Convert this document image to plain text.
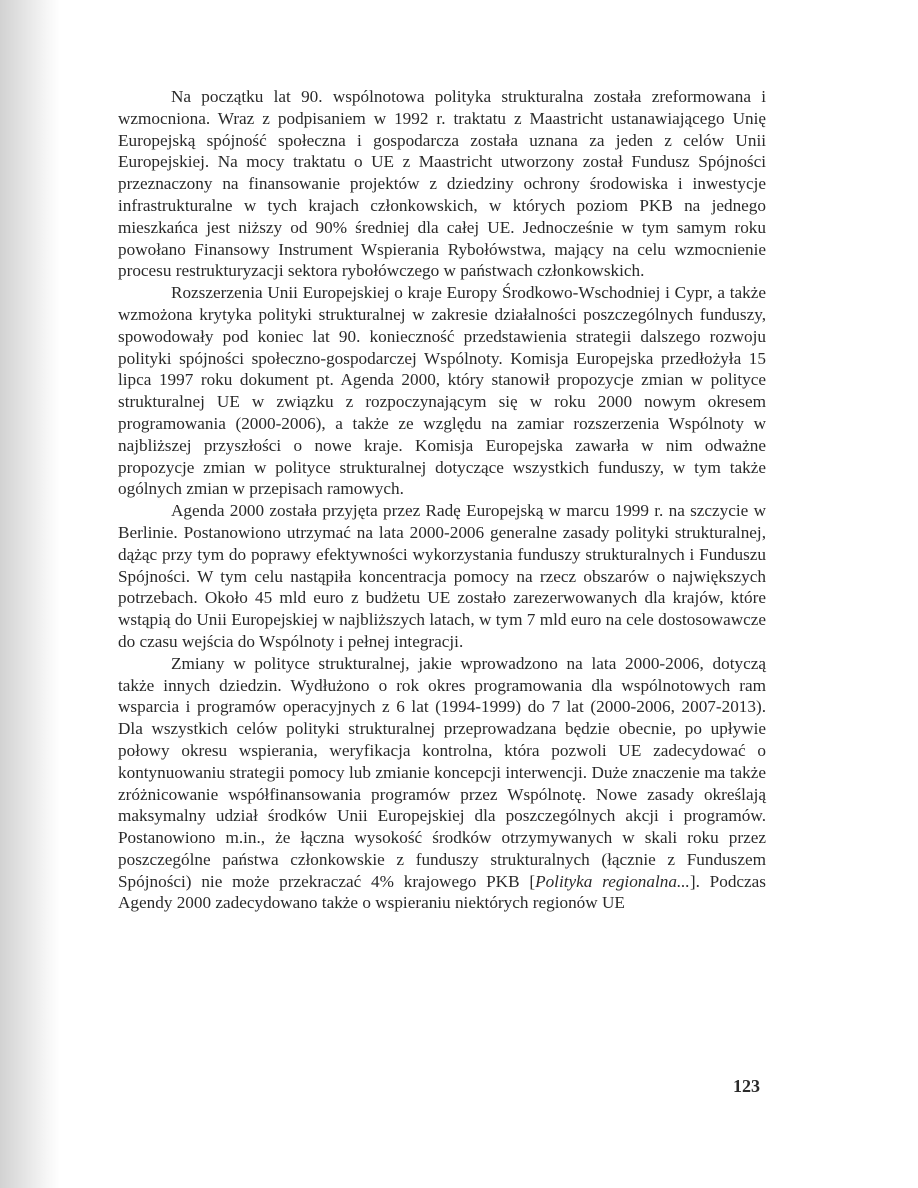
Na początku lat 90. wspólnotowa polityka strukturalna została zreformowana i wzmocniona. Wraz z podpisaniem w 1992 r. traktatu z Maastricht ustanawiającego Unię Europejską spójność społeczna i gospodarcza została uznana za jeden z celów Unii Europejskiej. Na mocy traktatu o UE z Maastricht utworzony został Fundusz Spójności przeznaczony na finansowanie projektów z dziedziny ochrony środowiska i inwestycje infrastrukturalne w tych krajach członkowskich, w których poziom PKB na jednego mieszkańca jest niższy od 90% średniej dla całej UE. Jednocześnie w tym samym roku powołano Finansowy Instrument Wspierania Rybołówstwa, mający na celu wzmocnienie procesu restrukturyzacji sektora rybołówczego w państwach członkowskich.

Rozszerzenia Unii Europejskiej o kraje Europy Środkowo-Wschodniej i Cypr, a także wzmożona krytyka polityki strukturalnej w zakresie działalności poszczególnych funduszy, spowodowały pod koniec lat 90. konieczność przedstawienia strategii dalszego rozwoju polityki spójności społeczno-gospodarczej Wspólnoty. Komisja Europejska przedłożyła 15 lipca 1997 roku dokument pt. Agenda 2000, który stanowił propozycje zmian w polityce strukturalnej UE w związku z rozpoczynającym się w roku 2000 nowym okresem programowania (2000-2006), a także ze względu na zamiar rozszerzenia Wspólnoty w najbliższej przyszłości o nowe kraje. Komisja Europejska zawarła w nim odważne propozycje zmian w polityce strukturalnej dotyczące wszystkich funduszy, w tym także ogólnych zmian w przepisach ramowych.

Agenda 2000 została przyjęta przez Radę Europejską w marcu 1999 r. na szczycie w Berlinie. Postanowiono utrzymać na lata 2000-2006 generalne zasady polityki strukturalnej, dążąc przy tym do poprawy efektywności wykorzystania funduszy strukturalnych i Funduszu Spójności. W tym celu nastąpiła koncentracja pomocy na rzecz obszarów o największych potrzebach. Około 45 mld euro z budżetu UE zostało zarezerwowanych dla krajów, które wstąpią do Unii Europejskiej w najbliższych latach, w tym 7 mld euro na cele dostosowawcze do czasu wejścia do Wspólnoty i pełnej integracji.

Zmiany w polityce strukturalnej, jakie wprowadzono na lata 2000-2006, dotyczą także innych dziedzin. Wydłużono o rok okres programowania dla wspólnotowych ram wsparcia i programów operacyjnych z 6 lat (1994-1999) do 7 lat (2000-2006, 2007-2013). Dla wszystkich celów polityki strukturalnej przeprowadzana będzie obecnie, po upływie połowy okresu wspierania, weryfikacja kontrolna, która pozwoli UE zadecydować o kontynuowaniu strategii pomocy lub zmianie koncepcji interwencji. Duże znaczenie ma także zróżnicowanie współfinansowania programów przez Wspólnotę. Nowe zasady określają maksymalny udział środków Unii Europejskiej dla poszczególnych akcji i programów. Postanowiono m.in., że łączna wysokość środków otrzymywanych w skali roku przez poszczególne państwa członkowskie z funduszy strukturalnych (łącznie z Funduszem Spójności) nie może przekraczać 4% krajowego PKB [Polityka regionalna...]. Podczas Agendy 2000 zadecydowano także o wspieraniu niektórych regionów UE

123
